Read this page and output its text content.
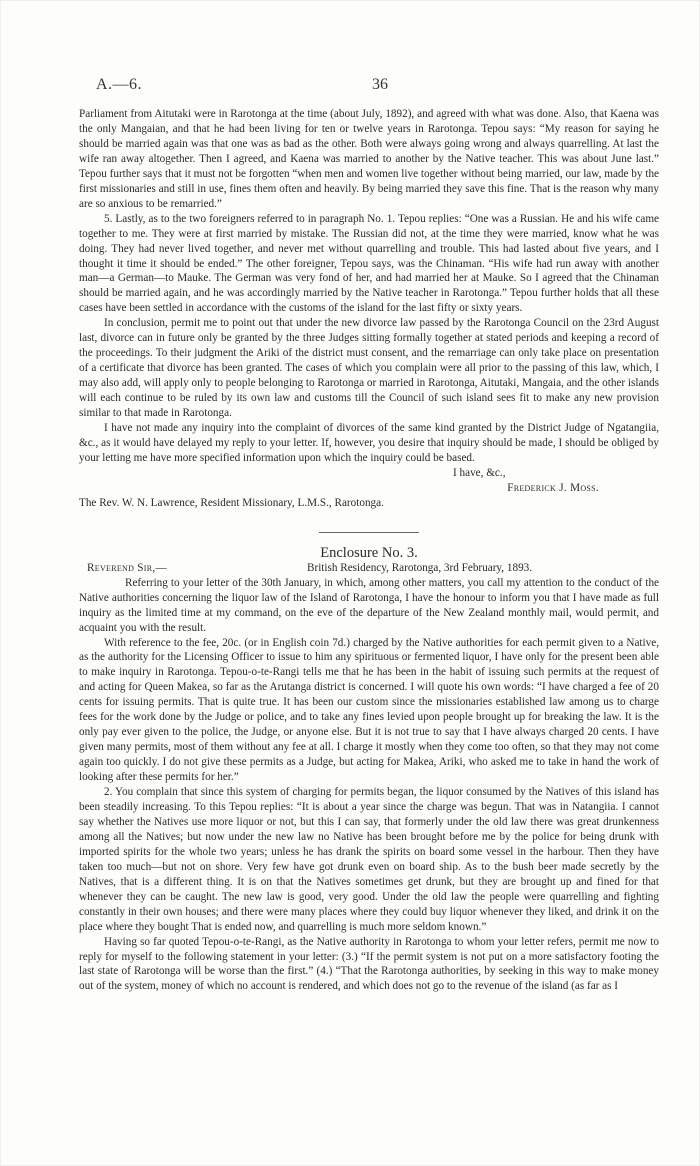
A.—6.	36

Parliament from Aitutaki were in Rarotonga at the time (about July, 1892), and agreed with what was done. Also, that Kaena was the only Mangaian, and that he had been living for ten or twelve years in Rarotonga. Tepou says: “My reason for saying he should be married again was that one was as bad as the other. Both were always going wrong and always quarrelling. At last the wife ran away altogether. Then I agreed, and Kaena was married to another by the Native teacher. This was about June last.” Tepou further says that it must not be forgotten “when men and women live together without being married, our law, made by the first missionaries and still in use, fines them often and heavily. By being married they save this fine. That is the reason why many are so anxious to be remarried.”

5. Lastly, as to the two foreigners referred to in paragraph No. 1. Tepou replies: “One was a Russian. He and his wife came together to me. They were at first married by mistake. The Russian did not, at the time they were married, know what he was doing. They had never lived together, and never met without quarrelling and trouble. This had lasted about five years, and I thought it time it should be ended.” The other foreigner, Tepou says, was the Chinaman. “His wife had run away with another man—a German—to Mauke. The German was very fond of her, and had married her at Mauke. So I agreed that the Chinaman should be married again, and he was accordingly married by the Native teacher in Rarotonga.” Tepou further holds that all these cases have been settled in accordance with the customs of the island for the last fifty or sixty years.

In conclusion, permit me to point out that under the new divorce law passed by the Rarotonga Council on the 23rd August last, divorce can in future only be granted by the three Judges sitting formally together at stated periods and keeping a record of the proceedings. To their judgment the Ariki of the district must consent, and the remarriage can only take place on presentation of a certificate that divorce has been granted. The cases of which you complain were all prior to the passing of this law, which, I may also add, will apply only to people belonging to Rarotonga or married in Rarotonga, Aitutaki, Mangaia, and the other islands will each continue to be ruled by its own law and customs till the Council of such island sees fit to make any new provision similar to that made in Rarotonga.

I have not made any inquiry into the complaint of divorces of the same kind granted by the District Judge of Ngatangiia, &c., as it would have delayed my reply to your letter. If, however, you desire that inquiry should be made, I should be obliged by your letting me have more specified information upon which the inquiry could be based.

I have, &c.,
Frederick J. Moss.

The Rev. W. N. Lawrence, Resident Missionary, L.M.S., Rarotonga.

Enclosure No. 3.

Reverend Sir,—	British Residency, Rarotonga, 3rd February, 1893.

Referring to your letter of the 30th January, in which, among other matters, you call my attention to the conduct of the Native authorities concerning the liquor law of the Island of Rarotonga, I have the honour to inform you that I have made as full inquiry as the limited time at my command, on the eve of the departure of the New Zealand monthly mail, would permit, and acquaint you with the result.

With reference to the fee, 20c. (or in English coin 7d.) charged by the Native authorities for each permit given to a Native, as the authority for the Licensing Officer to issue to him any spirituous or fermented liquor, I have only for the present been able to make inquiry in Rarotonga. Tepou-o-te-Rangi tells me that he has been in the habit of issuing such permits at the request of and acting for Queen Makea, so far as the Arutanga district is concerned. I will quote his own words: “I have charged a fee of 20 cents for issuing permits. That is quite true. It has been our custom since the missionaries established law among us to charge fees for the work done by the Judge or police, and to take any fines levied upon people brought up for breaking the law. It is the only pay ever given to the police, the Judge, or anyone else. But it is not true to say that I have always charged 20 cents. I have given many permits, most of them without any fee at all. I charge it mostly when they come too often, so that they may not come again too quickly. I do not give these permits as a Judge, but acting for Makea, Ariki, who asked me to take in hand the work of looking after these permits for her.”

2. You complain that since this system of charging for permits began, the liquor consumed by the Natives of this island has been steadily increasing. To this Tepou replies: “It is about a year since the charge was begun. That was in Natangiia. I cannot say whether the Natives use more liquor or not, but this I can say, that formerly under the old law there was great drunkenness among all the Natives; but now under the new law no Native has been brought before me by the police for being drunk with imported spirits for the whole two years; unless he has drank the spirits on board some vessel in the harbour. Then they have taken too much—but not on shore. Very few have got drunk even on board ship. As to the bush beer made secretly by the Natives, that is a different thing. It is on that the Natives sometimes get drunk, but they are brought up and fined for that whenever they can be caught. The new law is good, very good. Under the old law the people were quarrelling and fighting constantly in their own houses; and there were many places where they could buy liquor whenever they liked, and drink it on the place where they bought That is ended now, and quarrelling is much more seldom known.”

Having so far quoted Tepou-o-te-Rangi, as the Native authority in Rarotonga to whom your letter refers, permit me now to reply for myself to the following statement in your letter: (3.) “If the permit system is not put on a more satisfactory footing the last state of Rarotonga will be worse than the first.” (4.) “That the Rarotonga authorities, by seeking in this way to make money out of the system, money of which no account is rendered, and which does not go to the revenue of the island (as far as I
